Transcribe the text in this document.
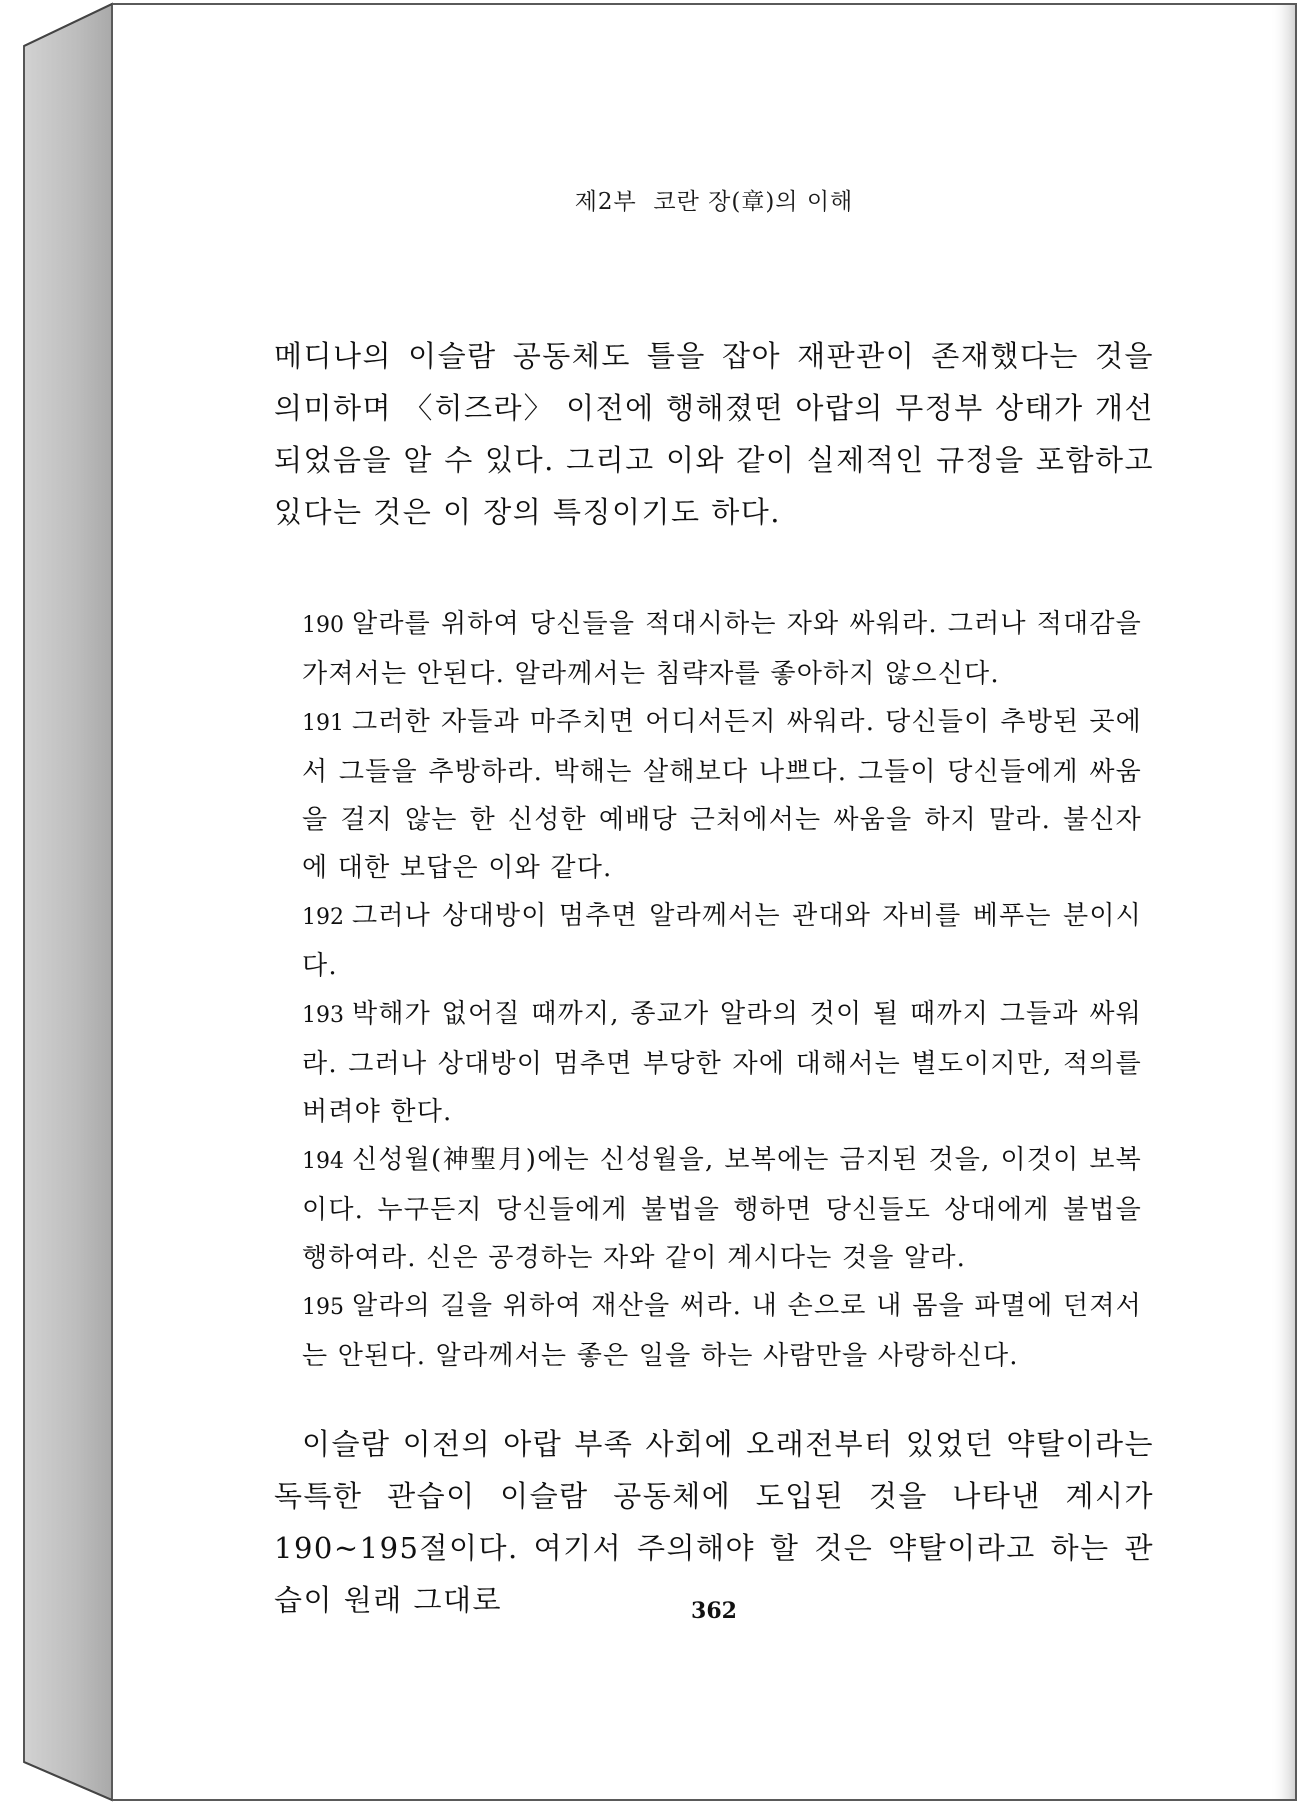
제2부  코란 장(章)의 이해

메디나의 이슬람 공동체도 틀을 잡아 재판관이 존재했다는 것을 의미하며 〈히즈라〉 이전에 행해졌떤 아랍의 무정부 상태가 개선되었음을 알 수 있다. 그리고 이와 같이 실제적인 규정을 포함하고 있다는 것은 이 장의 특징이기도 하다.

190 알라를 위하여 당신들을 적대시하는 자와 싸워라. 그러나 적대감을 가져서는 안된다. 알라께서는 침략자를 좋아하지 않으신다.
191 그러한 자들과 마주치면 어디서든지 싸워라. 당신들이 추방된 곳에서 그들을 추방하라. 박해는 살해보다 나쁘다. 그들이 당신들에게 싸움을 걸지 않는 한 신성한 예배당 근처에서는 싸움을 하지 말라. 불신자에 대한 보답은 이와 같다.
192 그러나 상대방이 멈추면 알라께서는 관대와 자비를 베푸는 분이시다.
193 박해가 없어질 때까지, 종교가 알라의 것이 될 때까지 그들과 싸워라. 그러나 상대방이 멈추면 부당한 자에 대해서는 별도이지만, 적의를 버려야 한다.
194 신성월(神聖月)에는 신성월을, 보복에는 금지된 것을, 이것이 보복이다. 누구든지 당신들에게 불법을 행하면 당신들도 상대에게 불법을 행하여라. 신은 공경하는 자와 같이 계시다는 것을 알라.
195 알라의 길을 위하여 재산을 써라. 내 손으로 내 몸을 파멸에 던져서는 안된다. 알라께서는 좋은 일을 하는 사람만을 사랑하신다.

이슬람 이전의 아랍 부족 사회에 오래전부터 있었던 약탈이라는 독특한 관습이 이슬람 공동체에 도입된 것을 나타낸 계시가 190~195절이다. 여기서 주의해야 할 것은 약탈이라고 하는 관습이 원래 그대로	362
